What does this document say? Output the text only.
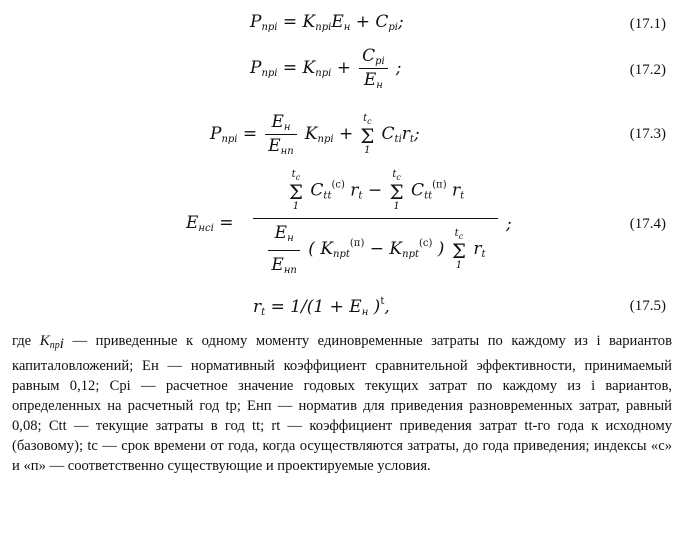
$P_{прi} = K_{прi}E_н + C_{pi}$;	(17.1)
$P_{прi} = K_{прi} + \frac{C_{pi}}{E_н}$ ;	(17.2)
$P_{прi} = \frac{E_н}{E_{нп}} K_{прi}$ +
$t_c$
Σ
1
$C_{ti}r_t$;	(17.3)
$E_{нсi}$ =
$t_c$
Σ
1
$C_{tt}^{(c)}$ $r_t$ −
$t_c$
Σ
1
$C_{tt}^{(п)}$ $r_t$
$\frac{E_н}{E_{нп}}$ ( $K_{прt}^{(п)} - K_{прt}^{(c)}$ )
$t_c$
Σ
1
$r_t$
;	(17.4)
$r_t = 1/(1 + E_н$ )$^t$,	(17.5)
где $K_{прi}$ — приведенные к одному моменту единовременные затраты по каждому из i вариантов капиталовложений; Eн — нормативный коэффициент сравнительной эффективности, принимаемый равным 0,12; Cpi — расчетное значение годовых текущих затрат по каждому из i вариантов, определенных на расчетный год tр; Eнп — норматив для приведения разновременных затрат, равный 0,08; Ctt — текущие затраты в год tt; rt — коэффициент приведения затрат tt-го года к исходному (базовому); tс — срок времени от года, когда осуществляются затраты, до года приведения; индексы «с» и «п» — соответственно существующие и проектируемые условия.
